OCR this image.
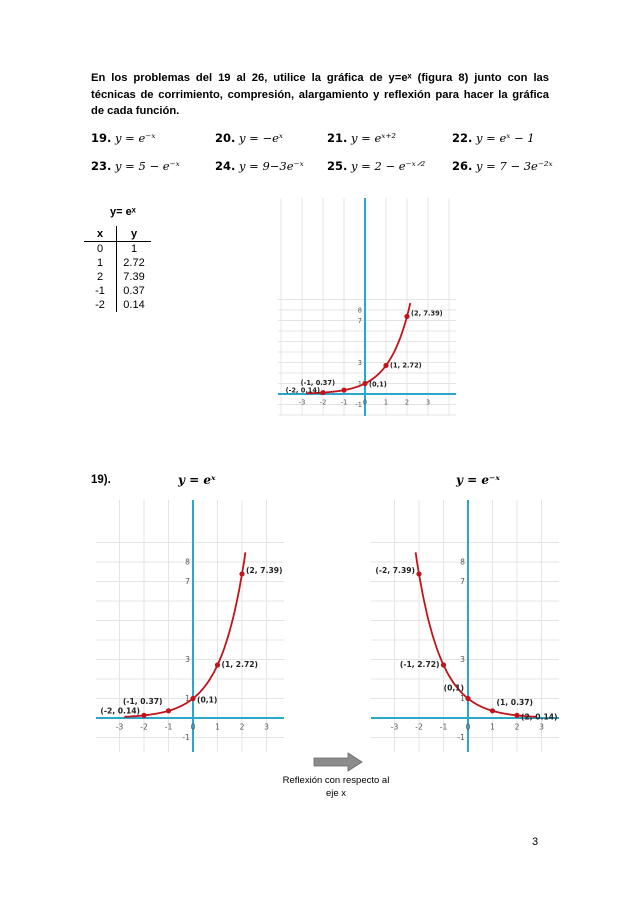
En los problemas del 19 al 26, utilice la gráfica de y=eˣ (figura 8) junto con las técnicas de corrimiento, compresión, alargamiento y reflexión para hacer la gráfica de cada función.
19. y = e⁻ˣ	20. y = −eˣ	21. y = eˣ⁺²	22. y = eˣ − 1
23. y = 5 − e⁻ˣ	24. y = 9−3e⁻ˣ 25. y = 2 − e⁻ˣᐟ² 26. y = 7 − 3e⁻²ˣ
y= eˣ
x	y
0	1
1	2.72
2	7.39
-1	0.37
-2	0.14
-3 -2 -1 0	1	2	3
8
7
3
1
-1
(2, 7.39)
(1, 2.72)
(-1, 0.37)	(0,1)
(-2, 0.14)
19).	y = eˣ	y = e⁻ˣ
-3 -2 -1 0	1	2	3
8
7
3
1
-1
(2, 7.39)
(1, 2.72)
(-1, 0.37)	(0,1)
(-2, 0.14)
-3 -2 -1 0	1	2	3
8
7
3
1
-1
(-2, 7.39)
(-1, 2.72)
(0,1)
(1, 0.37)
(2, 0.14)
Reflexión con respecto al eje x
3
